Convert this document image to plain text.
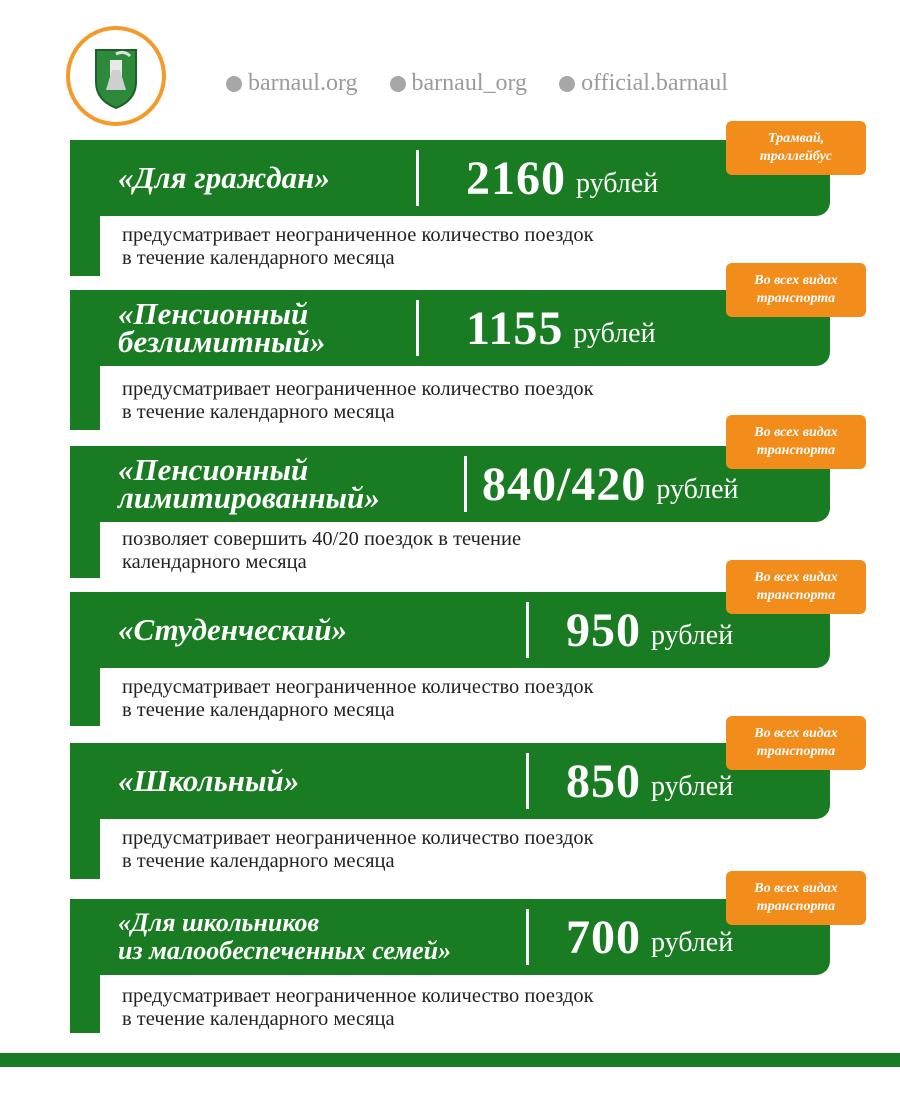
barnaul.org barnaul_org official.barnaul
«Для граждан»	2160 рублей
предусматривает неограниченное количество поездок
в течение календарного месяца
Трамвай,
троллейбус
«Пенсионный
безлимитный»	1155 рублей
предусматривает неограниченное количество поездок
в течение календарного месяца
Во всех видах
транспорта
«Пенсионный
лимитированный» 840/420 рублей
позволяет совершить 40/20 поездок в течение
календарного месяца
Во всех видах
транспорта
«Студенческий»	950 рублей
предусматривает неограниченное количество поездок
в течение календарного месяца
Во всех видах
транспорта
«Школьный»	850 рублей
предусматривает неограниченное количество поездок
в течение календарного месяца
Во всех видах
транспорта
«Для школьников
из малообеспеченных семей» 700 рублей
предусматривает неограниченное количество поездок
в течение календарного месяца
Во всех видах
транспорта
